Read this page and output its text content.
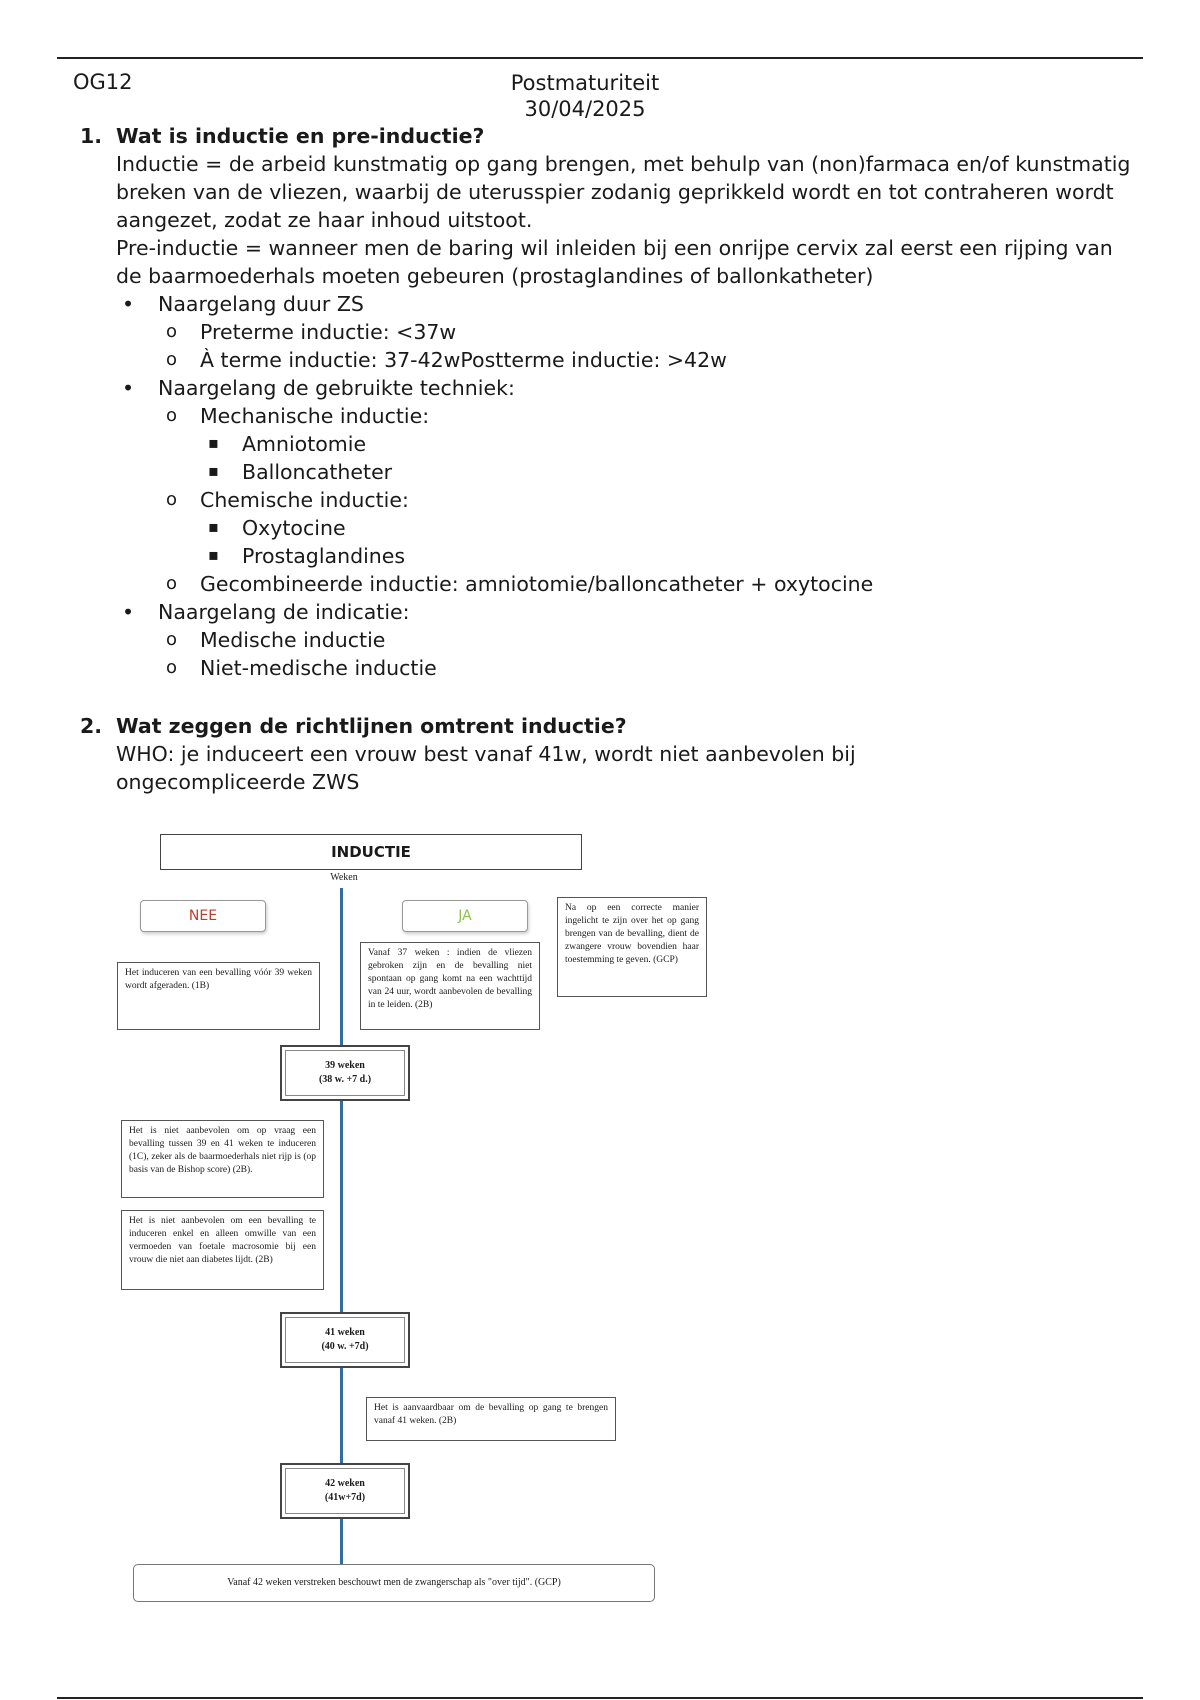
OG12	Postmaturiteit
30/04/2025
1. Wat is inductie en pre-inductie?
Inductie = de arbeid kunstmatig op gang brengen, met behulp van (non)farmaca en/of kunstmatig breken van de vliezen, waarbij de uterusspier zodanig geprikkeld wordt en tot contraheren wordt aangezet, zodat ze haar inhoud uitstoot.
Pre-inductie = wanneer men de baring wil inleiden bij een onrijpe cervix zal eerst een rijping van de baarmoederhals moeten gebeuren (prostaglandines of ballonkatheter)
• Naargelang duur ZS
o Preterme inductie: <37w
o À terme inductie: 37-42wPostterme inductie: >42w
• Naargelang de gebruikte techniek:
o Mechanische inductie:
▪ Amniotomie
▪ Balloncatheter
o Chemische inductie:
▪ Oxytocine
▪ Prostaglandines
o Gecombineerde inductie: amniotomie/balloncatheter + oxytocine
• Naargelang de indicatie:
o Medische inductie
o Niet-medische inductie
2. Wat zeggen de richtlijnen omtrent inductie?
WHO: je induceert een vrouw best vanaf 41w, wordt niet aanbevolen bij ongecompliceerde ZWS
INDUCTIE
Weken
NEE	JA	Na op een correcte manier ingelicht te zijn over het op gang brengen van de bevalling, dient de zwangere vrouw bovendien haar toestemming te geven. (GCP)
Vanaf 37 weken : indien de vliezen gebroken zijn en de bevalling niet spontaan op gang komt na een wachttijd van 24 uur, wordt aanbevolen de bevalling in te leiden. (2B)
Het induceren van een bevalling vóór 39 weken wordt afgeraden. (1B)
39 weken
(38 w. +7 d.)
Het is niet aanbevolen om op vraag een bevalling tussen 39 en 41 weken te induceren (1C), zeker als de baarmoederhals niet rijp is (op basis van de Bishop score) (2B).
Het is niet aanbevolen om een bevalling te induceren enkel en alleen omwille van een vermoeden van foetale macrosomie bij een vrouw die niet aan diabetes lijdt. (2B)
41 weken
(40 w. +7d)
Het is aanvaardbaar om de bevalling op gang te brengen vanaf 41 weken. (2B)
42 weken
(41w+7d)
Vanaf 42 weken verstreken beschouwt men de zwangerschap als "over tijd". (GCP)
